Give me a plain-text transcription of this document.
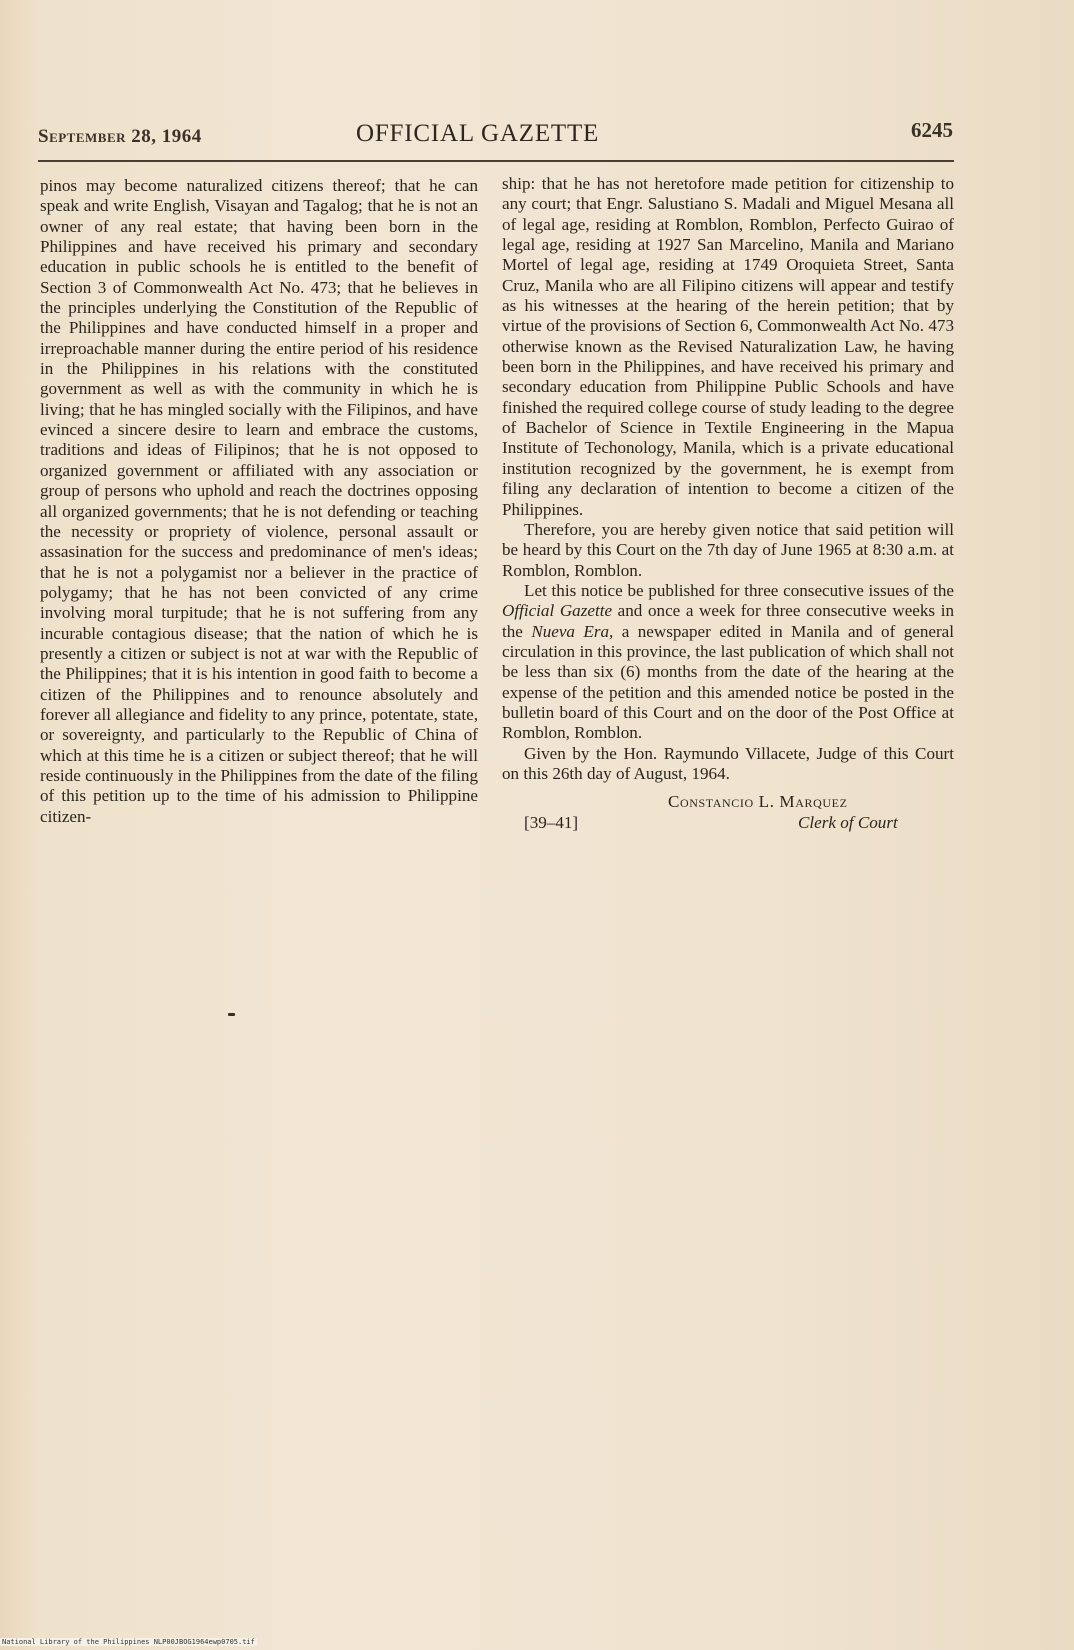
September 28, 1964	OFFICIAL GAZETTE	6245

pinos may become naturalized citizens thereof; that he can speak and write English, Visayan and Tagalog; that he is not an owner of any real estate; that having been born in the Philippines and have received his primary and secondary education in public schools he is entitled to the benefit of Section 3 of Commonwealth Act No. 473; that he believes in the principles underlying the Constitution of the Republic of the Philippines and have conducted himself in a proper and irreproachable manner during the entire period of his residence in the Philippines in his relations with the constituted government as well as with the community in which he is living; that he has mingled socially with the Filipinos, and have evinced a sincere desire to learn and embrace the customs, traditions and ideas of Filipinos; that he is not opposed to organized government or affiliated with any association or group of persons who uphold and reach the doctrines opposing all organized governments; that he is not defending or teaching the necessity or propriety of violence, personal assault or assasination for the success and predominance of men's ideas; that he is not a polygamist nor a believer in the practice of polygamy; that he has not been convicted of any crime involving moral turpitude; that he is not suffering from any incurable contagious disease; that the nation of which he is presently a citizen or subject is not at war with the Republic of the Philippines; that it is his intention in good faith to become a citizen of the Philippines and to renounce absolutely and forever all allegiance and fidelity to any prince, potentate, state, or sovereignty, and particularly to the Republic of China of which at this time he is a citizen or subject thereof; that he will reside continuously in the Philippines from the date of the filing of this petition up to the time of his admission to Philippine citizen-

ship: that he has not heretofore made petition for citizenship to any court; that Engr. Salustiano S. Madali and Miguel Mesana all of legal age, residing at Romblon, Romblon, Perfecto Guirao of legal age, residing at 1927 San Marcelino, Manila and Mariano Mortel of legal age, residing at 1749 Oroquieta Street, Santa Cruz, Manila who are all Filipino citizens will appear and testify as his witnesses at the hearing of the herein petition; that by virtue of the provisions of Section 6, Commonwealth Act No. 473 otherwise known as the Revised Naturalization Law, he having been born in the Philippines, and have received his primary and secondary education from Philippine Public Schools and have finished the required college course of study leading to the degree of Bachelor of Science in Textile Engineering in the Mapua Institute of Techonology, Manila, which is a private educational institution recognized by the government, he is exempt from filing any declaration of intention to become a citizen of the Philippines.

Therefore, you are hereby given notice that said petition will be heard by this Court on the 7th day of June 1965 at 8:30 a.m. at Romblon, Romblon.

Let this notice be published for three consecutive issues of the Official Gazette and once a week for three consecutive weeks in the Nueva Era, a newspaper edited in Manila and of general circulation in this province, the last publication of which shall not be less than six (6) months from the date of the hearing at the expense of the petition and this amended notice be posted in the bulletin board of this Court and on the door of the Post Office at Romblon, Romblon.

Given by the Hon. Raymundo Villacete, Judge of this Court on this 26th day of August, 1964.

Constancio L. Marquez
[39–41]	Clerk of Court
National Library of the Philippines NLP00JBOG1964ewp0705.tif
